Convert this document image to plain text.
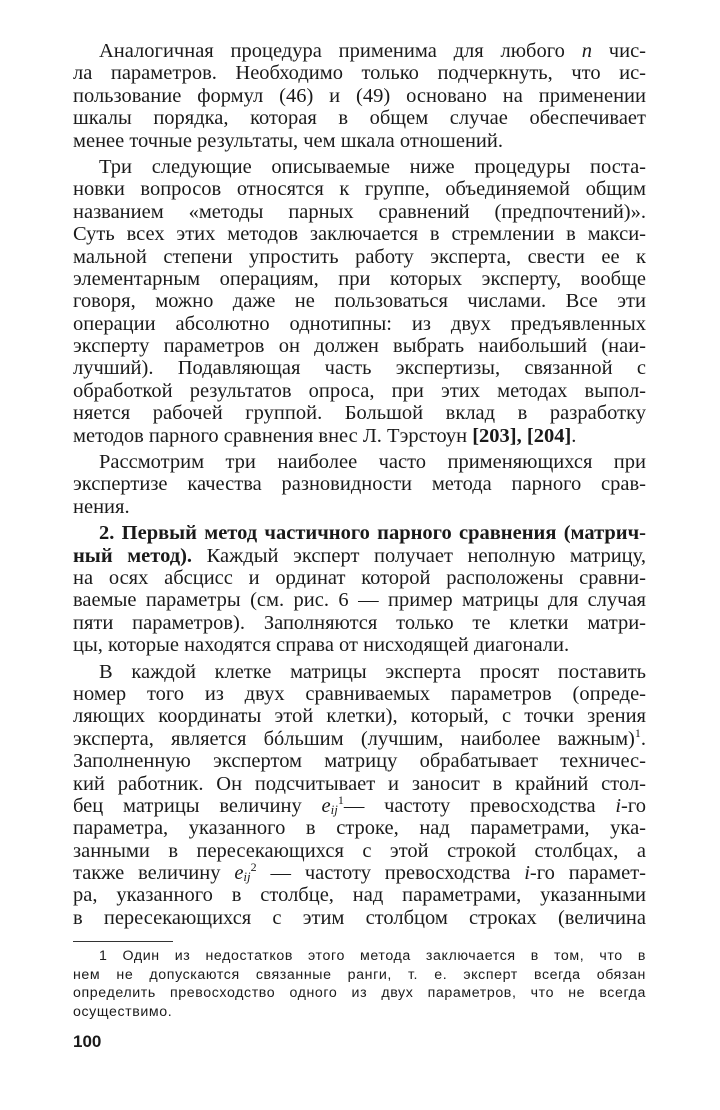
Аналогичная процедура применима для любого n чис-
ла параметров. Необходимо только подчеркнуть, что ис-
пользование формул (46) и (49) основано на применении
шкалы порядка, которая в общем случае обеспечивает
менее точные результаты, чем шкала отношений.
Три следующие описываемые ниже процедуры поста-
новки вопросов относятся к группе, объединяемой общим
названием «методы парных сравнений (предпочтений)».
Суть всех этих методов заключается в стремлении в макси-
мальной степени упростить работу эксперта, свести ее к
элементарным операциям, при которых эксперту, вообще
говоря, можно даже не пользоваться числами. Все эти
операции абсолютно однотипны: из двух предъявленных
эксперту параметров он должен выбрать наибольший (наи-
лучший). Подавляющая часть экспертизы, связанной с
обработкой результатов опроса, при этих методах выпол-
няется рабочей группой. Большой вклад в разработку
методов парного сравнения внес Л. Тэрстоун [203], [204].
Рассмотрим три наиболее часто применяющихся при
экспертизе качества разновидности метода парного срав-
нения.
2. Первый метод частичного парного сравнения (матрич-
ный метод). Каждый эксперт получает неполную матрицу,
на осях абсцисс и ординат которой расположены сравни-
ваемые параметры (см. рис. 6 — пример матрицы для случая
пяти параметров). Заполняются только те клетки матри-
цы, которые находятся справа от нисходящей диагонали.
В каждой клетке матрицы эксперта просят поставить
номер того из двух сравниваемых параметров (опреде-
ляющих координаты этой клетки), который, с точки зрения
эксперта, является бóльшим (лучшим, наиболее важным)$^1$.
Заполненную экспертом матрицу обрабатывает техничес-
кий работник. Он подсчитывает и заносит в крайний стол-
бец матрицы величину eij$^1$— частоту превосходства i-го
параметра, указанного в строке, над параметрами, ука-
занными в пересекающихся с этой строкой столбцах, а
также величину eij$^2$ — частоту превосходства i-го парамет-
ра, указанного в столбце, над параметрами, указанными
в пересекающихся с этим столбцом строках (величина
1 Один из недостатков этого метода заключается в том, что в
нем не допускаются связанные ранги, т. е. эксперт всегда обязан
определить превосходство одного из двух параметров, что не всегда
осуществимо.
100
